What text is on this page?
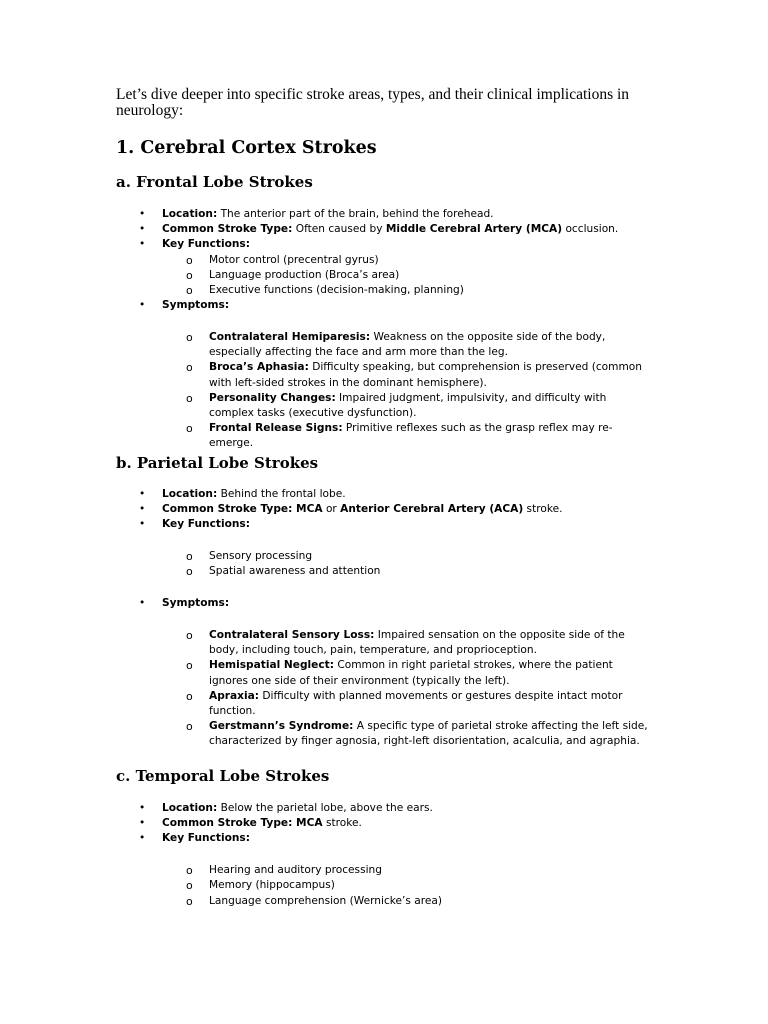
Let’s dive deeper into specific stroke areas, types, and their clinical implications in neurology:

1. Cerebral Cortex Strokes
a. Frontal Lobe Strokes
• Location: The anterior part of the brain, behind the forehead.
• Common Stroke Type: Often caused by Middle Cerebral Artery (MCA) occlusion.
• Key Functions:
o Motor control (precentral gyrus)
o Language production (Broca’s area)
o Executive functions (decision-making, planning)
• Symptoms:
o Contralateral Hemiparesis: Weakness on the opposite side of the body, especially affecting the face and arm more than the leg.
o Broca’s Aphasia: Difficulty speaking, but comprehension is preserved (common with left-sided strokes in the dominant hemisphere).
o Personality Changes: Impaired judgment, impulsivity, and difficulty with complex tasks (executive dysfunction).
o Frontal Release Signs: Primitive reflexes such as the grasp reflex may re-emerge.
b. Parietal Lobe Strokes
• Location: Behind the frontal lobe.
• Common Stroke Type: MCA or Anterior Cerebral Artery (ACA) stroke.
• Key Functions:
o Sensory processing
o Spatial awareness and attention
• Symptoms:
o Contralateral Sensory Loss: Impaired sensation on the opposite side of the body, including touch, pain, temperature, and proprioception.
o Hemispatial Neglect: Common in right parietal strokes, where the patient ignores one side of their environment (typically the left).
o Apraxia: Difficulty with planned movements or gestures despite intact motor function.
o Gerstmann’s Syndrome: A specific type of parietal stroke affecting the left side, characterized by finger agnosia, right-left disorientation, acalculia, and agraphia.
c. Temporal Lobe Strokes
• Location: Below the parietal lobe, above the ears.
• Common Stroke Type: MCA stroke.
• Key Functions:
o Hearing and auditory processing
o Memory (hippocampus)
o Language comprehension (Wernicke’s area)
